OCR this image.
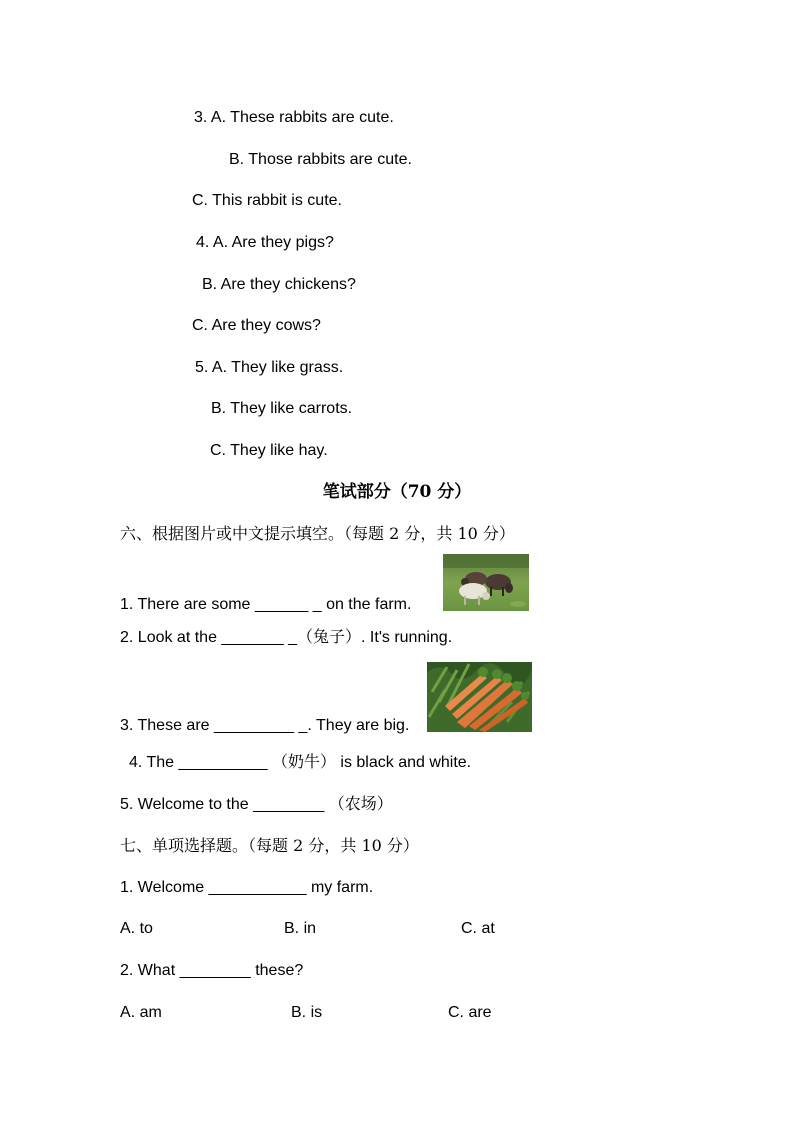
3. A. These rabbits are cute.
B. Those rabbits are cute.
C. This rabbit is cute.
4. A. Are they pigs?
B. Are they chickens?
C. Are they cows?
5. A. They like grass.
B. They like carrots.
C. They like hay.
笔试部分（70 分）
六、根据图片或中文提示填空。（每题 2 分，共 10 分）
1. There are some ______ _ on the farm.
2. Look at the _______ _（兔子）. It's running.
3. These are _________ _. They are big.
4. The __________ （奶牛） is black and white.
5. Welcome to the ________ （农场）
七、单项选择题。（每题 2 分，共 10 分）
1. Welcome ___________ my farm.
A. to	B. in	C. at
2. What ________ these?
A. am	B. is	C. are
